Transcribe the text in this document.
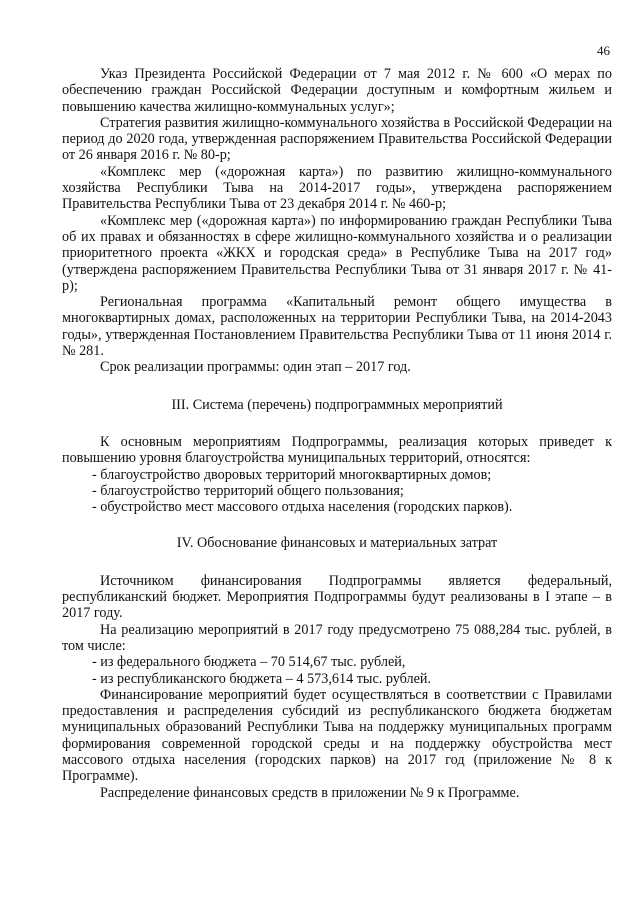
46

Указ Президента Российской Федерации от 7 мая 2012 г. № 600 «О мерах по обеспечению граждан Российской Федерации доступным и комфортным жильем и повышению качества жилищно-коммунальных услуг»;

Стратегия развития жилищно-коммунального хозяйства в Российской Федерации на период до 2020 года, утвержденная распоряжением Правительства Российской Федерации от 26 января 2016 г. № 80-р;

«Комплекс мер («дорожная карта») по развитию жилищно-коммунального хозяйства Республики Тыва на 2014-2017 годы», утверждена распоряжением Правительства Республики Тыва от 23 декабря 2014 г. № 460-р;

«Комплекс мер («дорожная карта») по информированию граждан Республики Тыва об их правах и обязанностях в сфере жилищно-коммунального хозяйства и о реализации приоритетного проекта «ЖКХ и городская среда» в Республике Тыва на 2017 год» (утверждена распоряжением Правительства Республики Тыва от 31 января 2017 г. № 41-р);

Региональная программа «Капитальный ремонт общего имущества в многоквартирных домах, расположенных на территории Республики Тыва, на 2014-2043 годы», утвержденная Постановлением Правительства Республики Тыва от 11 июня 2014 г. № 281.

Срок реализации программы: один этап – 2017 год.

III. Система (перечень) подпрограммных мероприятий

К основным мероприятиям Подпрограммы, реализация которых приведет к повышению уровня благоустройства муниципальных территорий, относятся:

- благоустройство дворовых территорий многоквартирных домов;

- благоустройство территорий общего пользования;

- обустройство мест массового отдыха населения (городских парков).

IV. Обоснование финансовых и материальных затрат

Источником финансирования Подпрограммы является федеральный, республиканский бюджет. Мероприятия Подпрограммы будут реализованы в I этапе – в 2017 году.

На реализацию мероприятий в 2017 году предусмотрено 75 088,284 тыс. рублей, в том числе:

- из федерального бюджета – 70 514,67 тыс. рублей,

- из республиканского бюджета – 4 573,614 тыс. рублей.

Финансирование мероприятий будет осуществляться в соответствии с Правилами предоставления и распределения субсидий из республиканского бюджета бюджетам муниципальных образований Республики Тыва на поддержку муниципальных программ формирования современной городской среды и на поддержку обустройства мест массового отдыха населения (городских парков) на 2017 год (приложение № 8 к Программе).

Распределение финансовых средств в приложении № 9 к Программе.
